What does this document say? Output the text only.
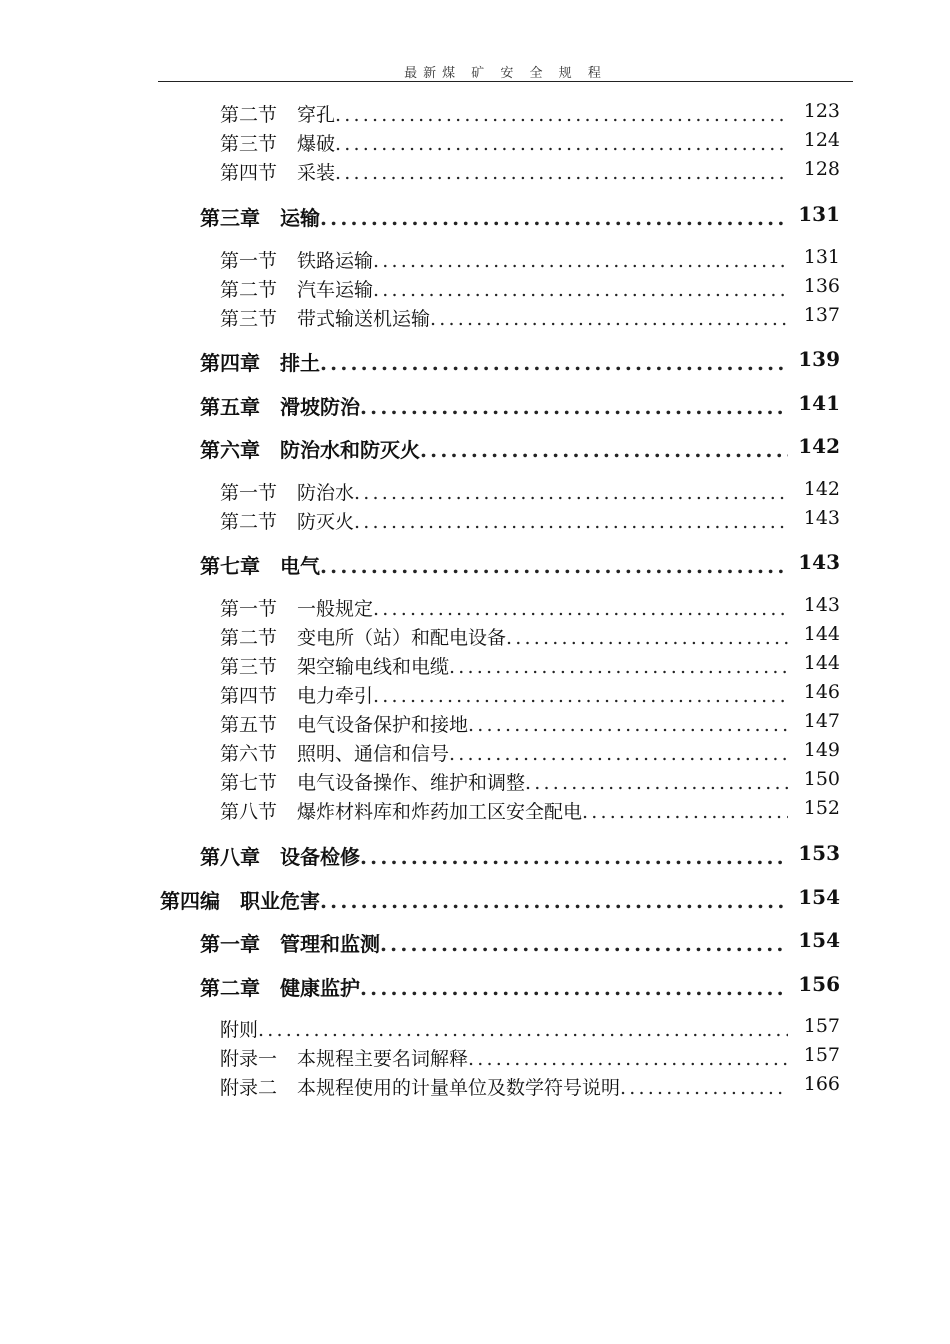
最新煤 矿 安 全 规 程
第二节 穿孔 .....	123
第三节 爆破 .....	124
第四节 采装 .....	128
第三章 运输 .....	131
第一节 铁路运输 .....	131
第二节 汽车运输 .....	136
第三节 带式输送机运输 .....	137
第四章 排土 .....	139
第五章 滑坡防治 .....	141
第六章 防治水和防灭火 .....	142
第一节 防治水 .....	142
第二节 防灭火 .....	143
第七章 电气 .....	143
第一节 一般规定 .....	143
第二节 变电所（站）和配电设备 .....	144
第三节 架空输电线和电缆 .....	144
第四节 电力牵引 .....	146
第五节 电气设备保护和接地 .....	147
第六节 照明、通信和信号 .....	149
第七节 电气设备操作、维护和调整 .....	150
第八节 爆炸材料库和炸药加工区安全配电 .....	152
第八章 设备检修 .....	153
第四编 职业危害 .....	154
第一章 管理和监测 .....	154
第二章 健康监护 .....	156
附则 .....	157
附录一 本规程主要名词解释 .....	157
附录二 本规程使用的计量单位及数学符号说明 .....	166
